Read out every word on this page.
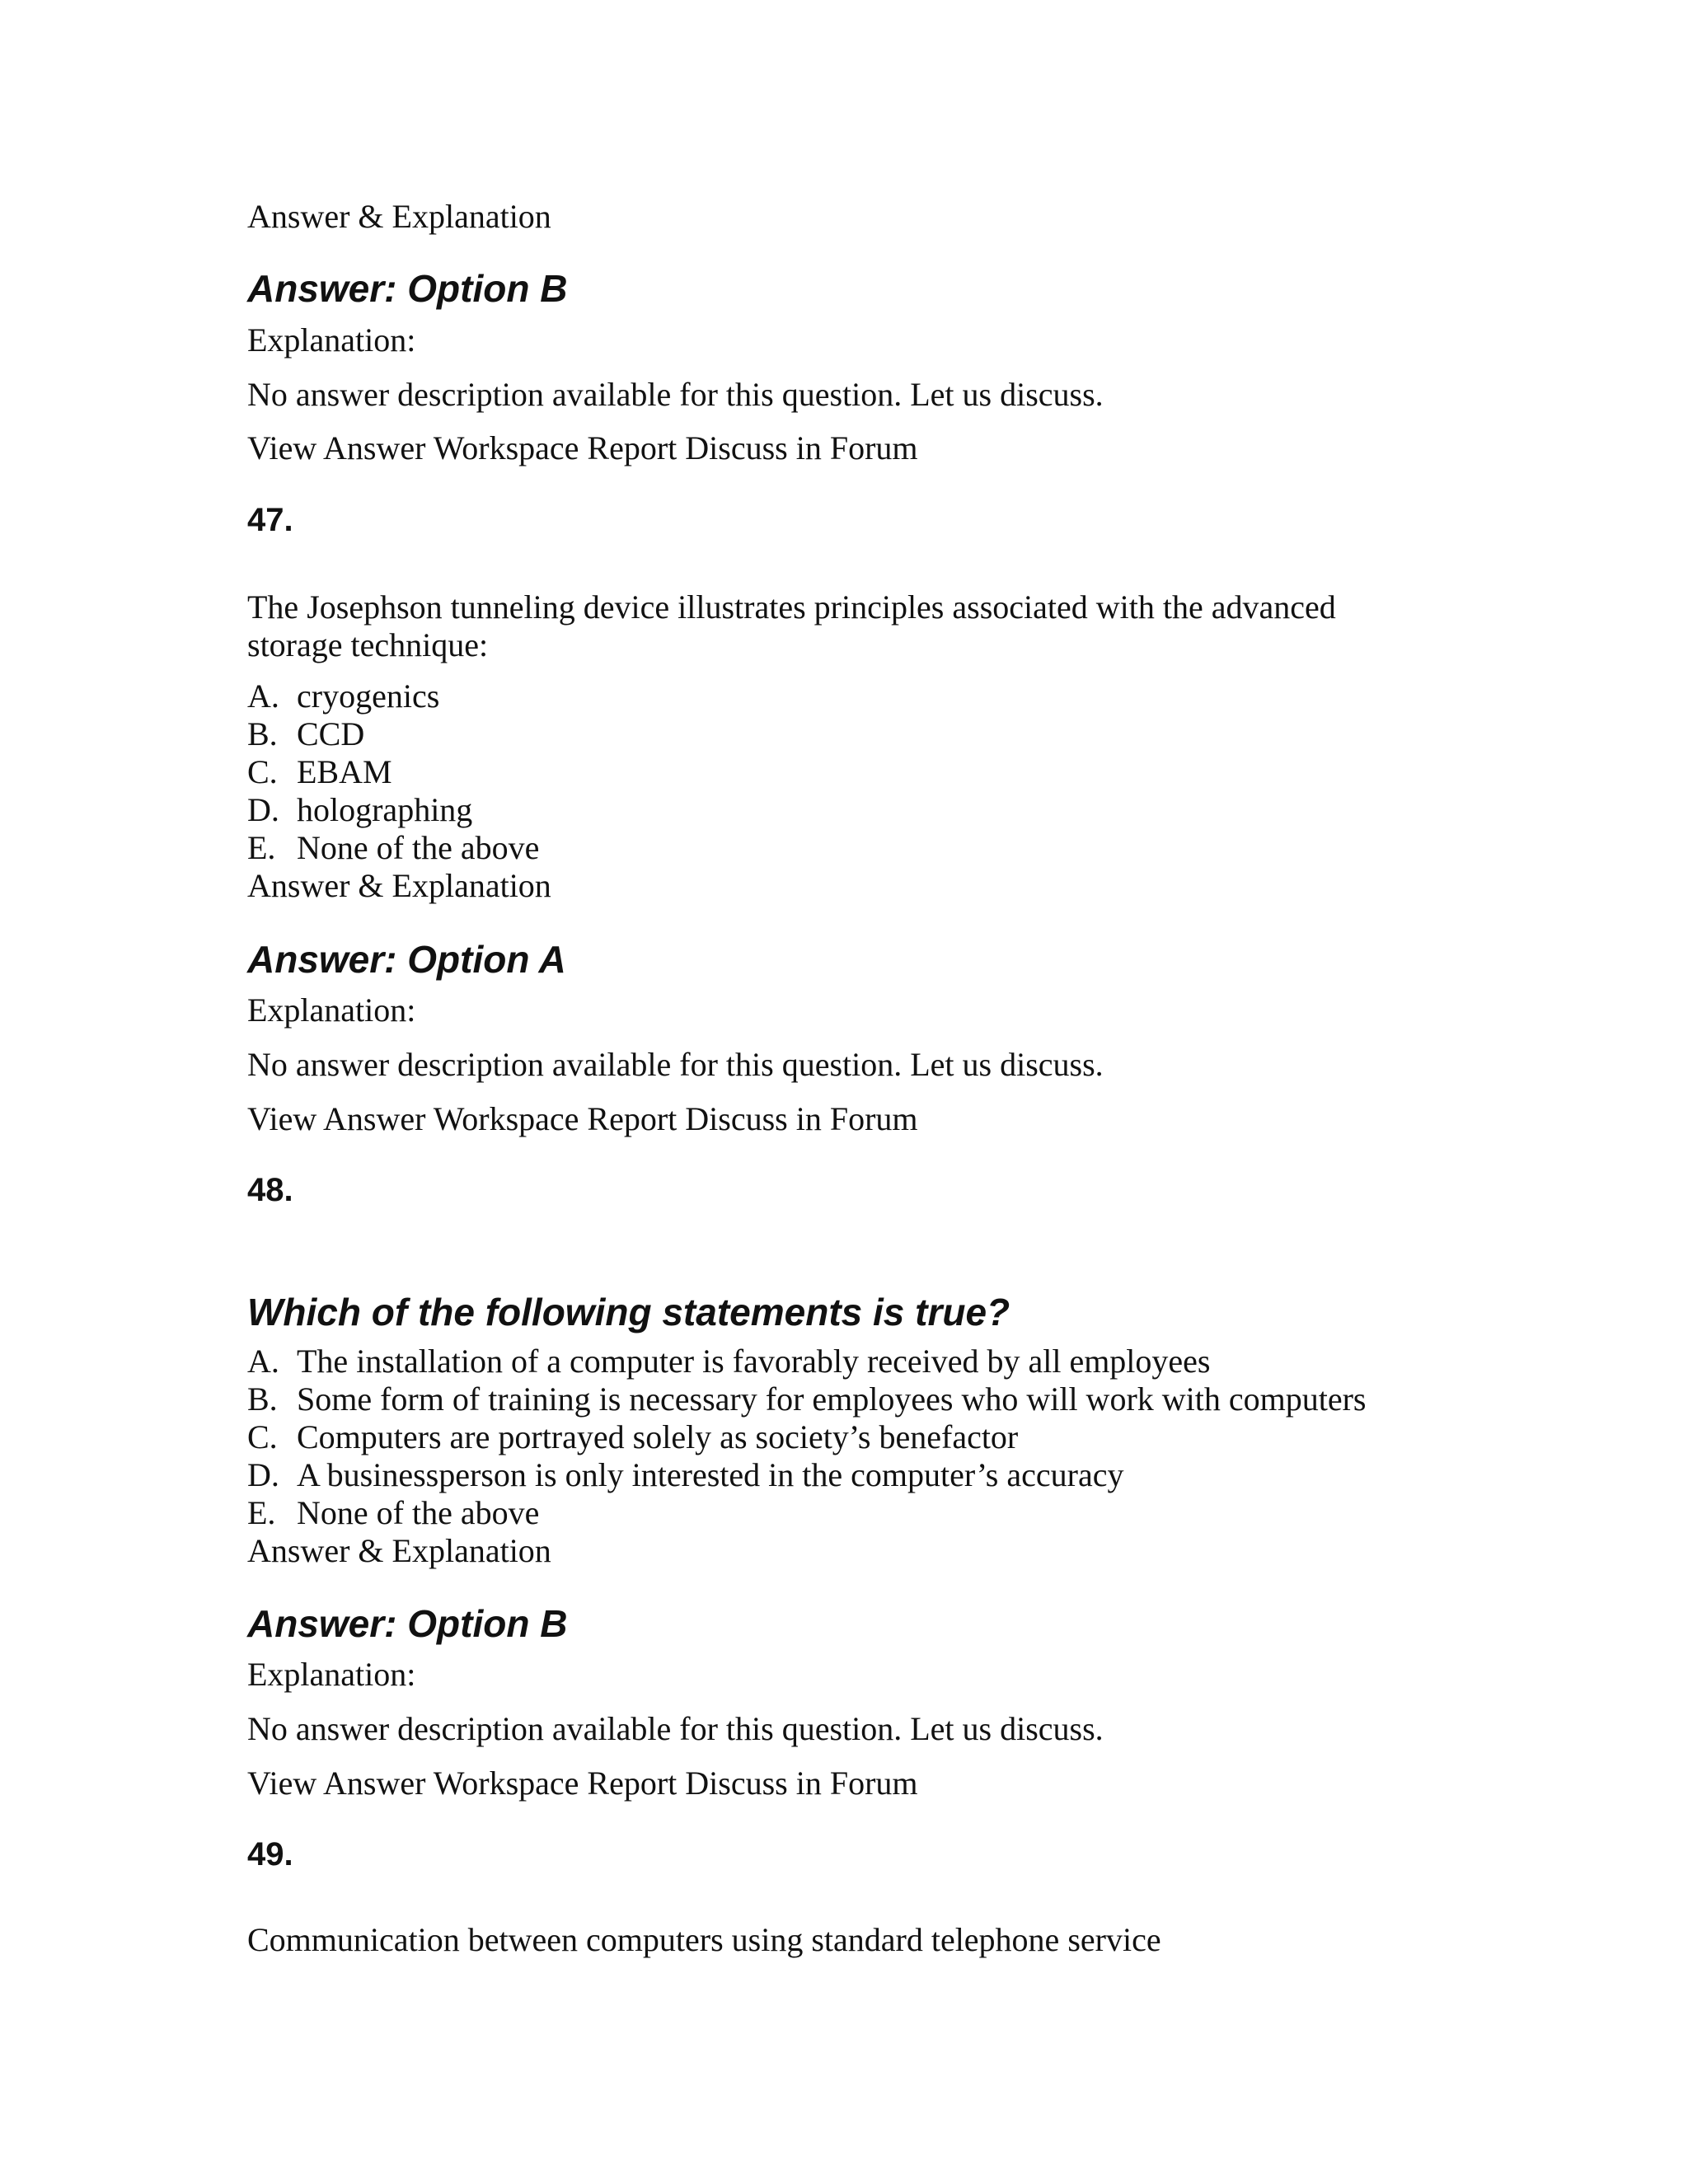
Answer & Explanation

Answer: Option B

Explanation:

No answer description available for this question. Let us discuss.

View Answer Workspace Report Discuss in Forum

47.

The Josephson tunneling device illustrates principles associated with the advanced storage technique:

A. cryogenics
B. CCD
C. EBAM
D. holographing
E. None of the above

Answer & Explanation

Answer: Option A

Explanation:

No answer description available for this question. Let us discuss.

View Answer Workspace Report Discuss in Forum

48.

Which of the following statements is true?

A. The installation of a computer is favorably received by all employees
B. Some form of training is necessary for employees who will work with computers
C. Computers are portrayed solely as society’s benefactor
D. A businessperson is only interested in the computer’s accuracy
E. None of the above

Answer & Explanation

Answer: Option B

Explanation:

No answer description available for this question. Let us discuss.

View Answer Workspace Report Discuss in Forum

49.

Communication between computers using standard telephone service
